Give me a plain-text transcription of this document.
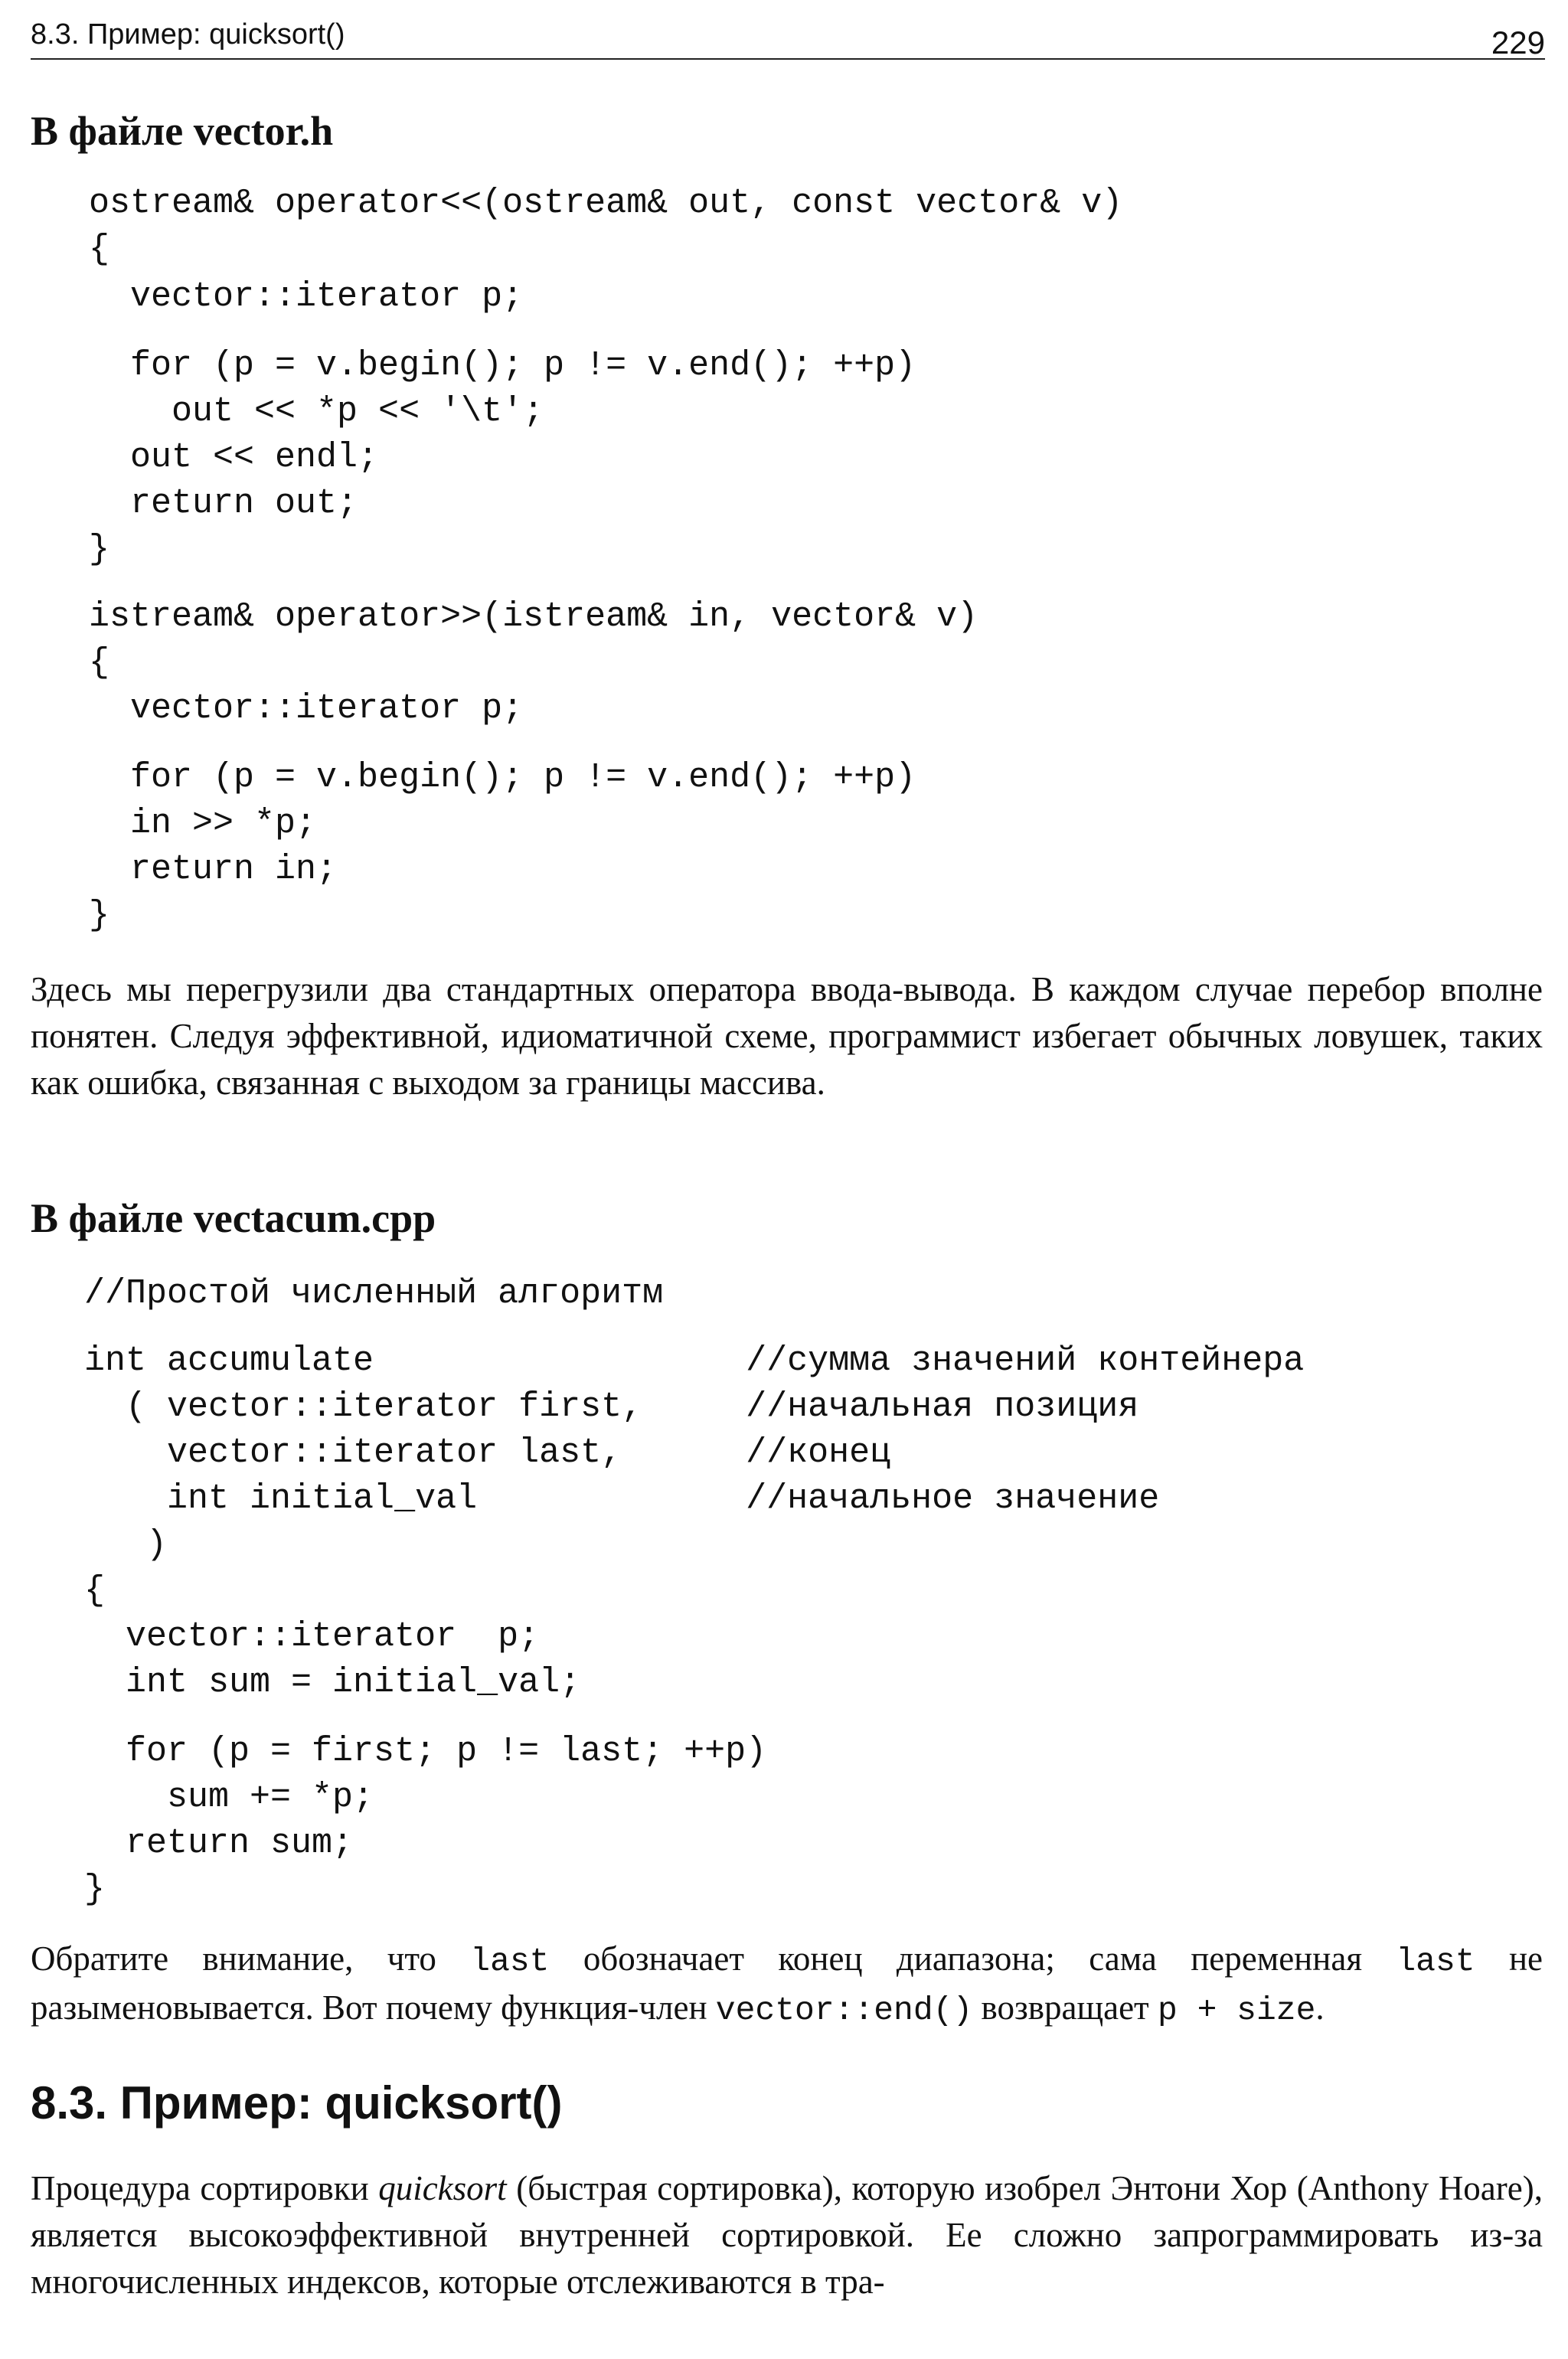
8.3. Пример: quicksort()	229
В файле vector.h

ostream& operator<<(ostream& out, const vector& v)

{

vector::iterator p;

for (p = v.begin(); p != v.end(); ++p)

out << *p << '\t';

out << endl;

return out;

}

istream& operator>>(istream& in, vector& v)

{

vector::iterator p;

for (p = v.begin(); p != v.end(); ++p)

in >> *p;

return in;

}

Здесь мы перегрузили два стандартных оператора ввода-вывода. В каждом случае перебор вполне понятен. Следуя эффективной, идиоматичной схеме, программист избегает обычных ловушек, таких как ошибка, связанная с выходом за границы массива.

В файле vectacum.cpp

//Простой численный алгоритм

int accumulate                  //сумма значений контейнера

( vector::iterator first,     //начальная позиция

vector::iterator last,      //конец

int initial_val             //начальное значение

)

{

vector::iterator  p;

int sum = initial_val;

for (p = first; p != last; ++p)

sum += *p;

return sum;

}

Обратите внимание, что last обозначает конец диапазона; сама переменная last не разыменовывается. Вот почему функция-член vector::end() возвращает p + size.

8.3. Пример: quicksort()

Процедура сортировки quicksort (быстрая сортировка), которую изобрел Энтони Хор (Anthony Hoare), является высокоэффективной внутренней сортировкой. Ее сложно запрограммировать из-за многочисленных индексов, которые отслеживаются в тра-
